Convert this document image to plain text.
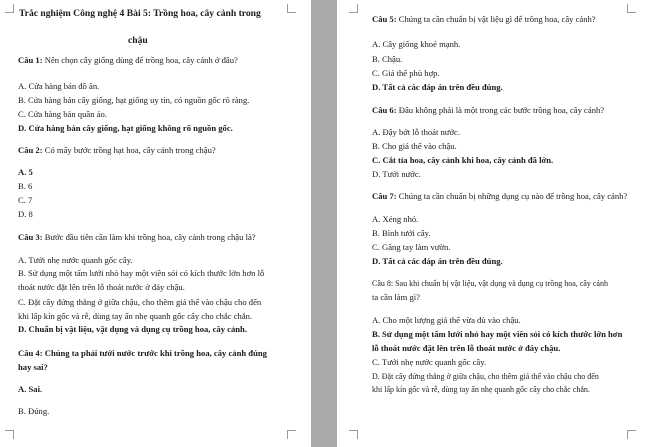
Trắc nghiệm Công nghệ 4 Bài 5: Trồng hoa, cây cảnh trong
chậu
Câu 1: Nên chọn cây giống dùng để trồng hoa, cây cảnh ở đâu?
A. Cửa hàng bán đồ ăn.
B. Cửa hàng bán cây giống, hạt giống uy tín, có nguồn gốc rõ ràng.
C. Cửa hàng bán quần áo.
D. Cửa hàng bán cây giống, hạt giống không rõ nguồn gốc.
Câu 2: Có mấy bước trồng hạt hoa, cây cảnh trong chậu?
A. 5
B. 6
C. 7
D. 8
Câu 3: Bước đầu tiên cần làm khi trồng hoa, cây cảnh trong chậu là?
A. Tưới nhẹ nước quanh gốc cây.
B. Sử dụng một tấm lưới nhỏ hay một viên sỏi có kích thước lớn hơn lỗ
thoát nước đặt lên trên lỗ thoát nước ở đáy chậu.
C. Đặt cây đứng thẳng ở giữa chậu, cho thêm giá thể vào chậu cho đến
khi lấp kín gốc và rễ, dùng tay ấn nhẹ quanh gốc cây cho chắc chắn.
D. Chuẩn bị vật liệu, vật dụng và dụng cụ trồng hoa, cây cảnh.
Câu 4: Chúng ta phải tưới nước trước khi trồng hoa, cây cảnh đúng
hay sai?
A. Sai.
B. Đúng.
Câu 5: Chúng ta cần chuẩn bị vật liệu gì để trồng hoa, cây cảnh?
A. Cây giống khoẻ mạnh.
B. Chậu.
C. Giá thể phù hợp.
D. Tất cả các đáp án trên đều đúng.
Câu 6: Đâu không phải là một trong các bước trồng hoa, cây cảnh?
A. Đậy bớt lỗ thoát nước.
B. Cho giá thể vào chậu.
C. Cắt tỉa hoa, cây cảnh khi hoa, cây cảnh đã lớn.
D. Tưới nước.
Câu 7: Chúng ta cần chuẩn bị những dụng cụ nào để trồng hoa, cây cảnh?
A. Xẻng nhỏ.
B. Bình tưới cây.
C. Găng tay làm vườn.
D. Tất cả các đáp án trên đều đúng.
Câu 8: Sau khi chuẩn bị vật liệu, vật dụng và dụng cụ trồng hoa, cây cảnh
ta cần làm gì?
A. Cho một lượng giá thể vừa đủ vào chậu.
B. Sử dụng một tấm lưới nhỏ hay một viên sỏi có kích thước lớn hơn
lỗ thoát nước đặt lên trên lỗ thoát nước ở đáy chậu.
C. Tưới nhẹ nước quanh gốc cây.
D. Đặt cây đứng thẳng ở giữa chậu, cho thêm giá thể vào chậu cho đến
khi lấp kín gốc và rễ, dùng tay ấn nhẹ quanh gốc cây cho chắc chắn.
